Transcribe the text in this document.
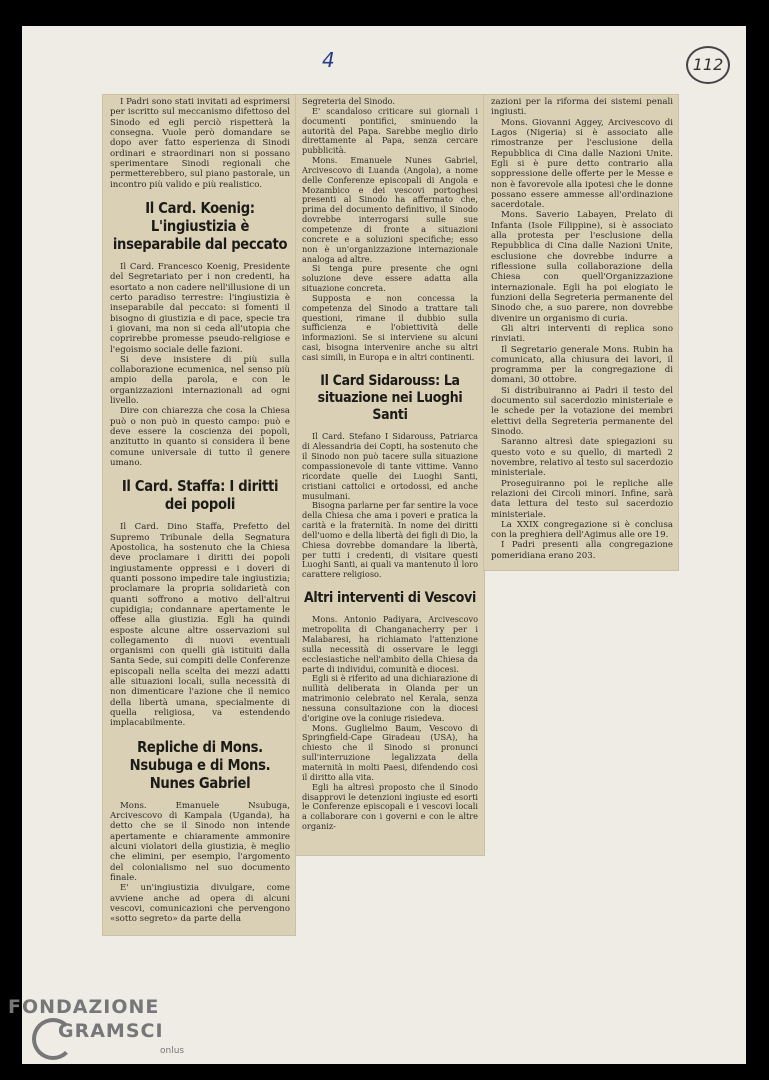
4	112

I Padri sono stati invitati ad esprimersi per iscritto sul meccanismo difettoso del Sinodo ed egli perciò rispetterà la consegna. Vuole però domandare se dopo aver fatto esperienza di Sinodi ordinari e straordinari non si possano sperimentare Sinodi regionali che permetterebbero, sul piano pastorale, un incontro più valido e più realistico.

Il Card. Koenig: L'ingiustizia è inseparabile dal peccato

Il Card. Francesco Koenig, Presidente del Segretariato per i non credenti, ha esortato a non cadere nell'illusione di un certo paradiso terrestre: l'ingiustizia è inseparabile dal peccato: si fomenti il bisogno di giustizia e di pace, specie tra i giovani, ma non si ceda all'utopia che coprirebbe promesse pseudo-religiose e l'egoismo sociale delle fazioni.

Si deve insistere di più sulla collaborazione ecumenica, nel senso più ampio della parola, e con le organizzazioni internazionali ad ogni livello.

Dire con chiarezza che cosa la Chiesa può o non può in questo campo: può e deve essere la coscienza dei popoli, anzitutto in quanto si considera il bene comune universale di tutto il genere umano.

Il Card. Staffa: I diritti dei popoli

Il Card. Dino Staffa, Prefetto del Supremo Tribunale della Segnatura Apostolica, ha sostenuto che la Chiesa deve proclamare i diritti dei popoli ingiustamente oppressi e i doveri di quanti possono impedire tale ingiustizia; proclamare la propria solidarietà con quanti soffrono a motivo dell'altrui cupidigia; condannare apertamente le offese alla giustizia. Egli ha quindi esposte alcune altre osservazioni sul collegamento di nuovi eventuali organismi con quelli già istituiti dalla Santa Sede, sui compiti delle Conferenze episcopali nella scelta dei mezzi adatti alle situazioni locali, sulla necessità di non dimenticare l'azione che il nemico della libertà umana, specialmente di quella religiosa, va estendendo implacabilmente.

Repliche di Mons. Nsubuga e di Mons. Nunes Gabriel

Mons. Emanuele Nsubuga, Arcivescovo di Kampala (Uganda), ha detto che se il Sinodo non intende apertamente e chiaramente ammonire alcuni violatori della giustizia, è meglio che elimini, per esempio, l'argomento del colonialismo nel suo documento finale.

E' un'ingiustizia divulgare, come avviene anche ad opera di alcuni vescovi, comunicazioni che pervengono «sotto segreto» da parte della

Segreteria del Sinodo.

E' scandaloso criticare sui giornali i documenti pontifici, sminuendo la autorità del Papa. Sarebbe meglio dirlo direttamente al Papa, senza cercare pubblicità.

Mons. Emanuele Nunes Gabriel, Arcivescovo di Luanda (Angola), a nome delle Conferenze episcopali di Angola e Mozambico e dei vescovi portoghesi presenti al Sinodo ha affermato che, prima del documento definitivo, il Sinodo dovrebbe interrogarsi sulle sue competenze di fronte a situazioni concrete e a soluzioni specifiche; esso non è un'organizzazione internazionale analoga ad altre.

Si tenga pure presente che ogni soluzione deve essere adatta alla situazione concreta.

Supposta e non concessa la competenza del Sinodo a trattare tali questioni, rimane il dubbio sulla sufficienza e l'obiettività delle informazioni. Se si interviene su alcuni casi, bisogna intervenire anche su altri casi simili, in Europa e in altri continenti.

Il Card Sidarouss: La situazione nei Luoghi Santi

Il Card. Stefano I Sidarouss, Patriarca di Alessandria dei Copti, ha sostenuto che il Sinodo non può tacere sulla situazione compassionevole di tante vittime. Vanno ricordate quelle dei Luoghi Santi, cristiani cattolici e ortodossi, ed anche musulmani.

Bisogna parlarne per far sentire la voce della Chiesa che ama i poveri e pratica la carità e la fraternità. In nome dei diritti dell'uomo e della libertà dei figli di Dio, la Chiesa dovrebbe domandare la libertà, per tutti i credenti, di visitare questi Luoghi Santi, ai quali va mantenuto il loro carattere religioso.

Altri interventi di Vescovi

Mons. Antonio Padiyara, Arcivescovo metropolita di Changanacherry per i Malabaresi, ha richiamato l'attenzione sulla necessità di osservare le leggi ecclesiastiche nell'ambito della Chiesa da parte di individui, comunità e diocesi.

Egli si è riferito ad una dichiarazione di nullità deliberata in Olanda per un matrimonio celebrato nel Kerala, senza nessuna consultazione con la diocesi d'origine ove la coniuge risiedeva.

Mons. Guglielmo Baum, Vescovo di Springfield-Cape Giradeau (USA), ha chiesto che il Sinodo si pronunci sull'interruzione legalizzata della maternità in molti Paesi, difendendo così il diritto alla vita.

Egli ha altresì proposto che il Sinodo disapprovi le detenzioni ingiuste ed esorti le Conferenze episcopali e i vescovi locali a collaborare con i governi e con le altre organiz-

zazioni per la riforma dei sistemi penali ingiusti.

Mons. Giovanni Aggey, Arcivescovo di Lagos (Nigeria) si è associato alle rimostranze per l'esclusione della Repubblica di Cina dalle Nazioni Unite. Egli si è pure detto contrario alla soppressione delle offerte per le Messe e non è favorevole alla ipotesi che le donne possano essere ammesse all'ordinazione sacerdotale.

Mons. Saverio Labayen, Prelato di Infanta (Isole Filippine), si è associato alla protesta per l'esclusione della Repubblica di Cina dalle Nazioni Unite, esclusione che dovrebbe indurre a riflessione sulla collaborazione della Chiesa con quell'Organizzazione internazionale. Egli ha poi elogiato le funzioni della Segreteria permanente del Sinodo che, a suo parere, non dovrebbe divenire un organismo di curia.

Gli altri interventi di replica sono rinviati.

Il Segretario generale Mons. Rubin ha comunicato, alla chiusura dei lavori, il programma per la congregazione di domani, 30 ottobre.

Si distribuiranno ai Padri il testo del documento sul sacerdozio ministeriale e le schede per la votazione dei membri elettivi della Segreteria permanente del Sinodo.

Saranno altresì date spiegazioni su questo voto e su quello, di martedì 2 novembre, relativo al testo sul sacerdozio ministeriale.

Proseguiranno poi le repliche alle relazioni dei Circoli minori. Infine, sarà data lettura del testo sul sacerdozio ministeriale.

La XXIX congregazione si è conclusa con la preghiera dell'Agimus alle ore 19.

I Padri presenti alla congregazione pomeridiana erano 203.

FONDAZIONE
GRAMSCI
onlus
